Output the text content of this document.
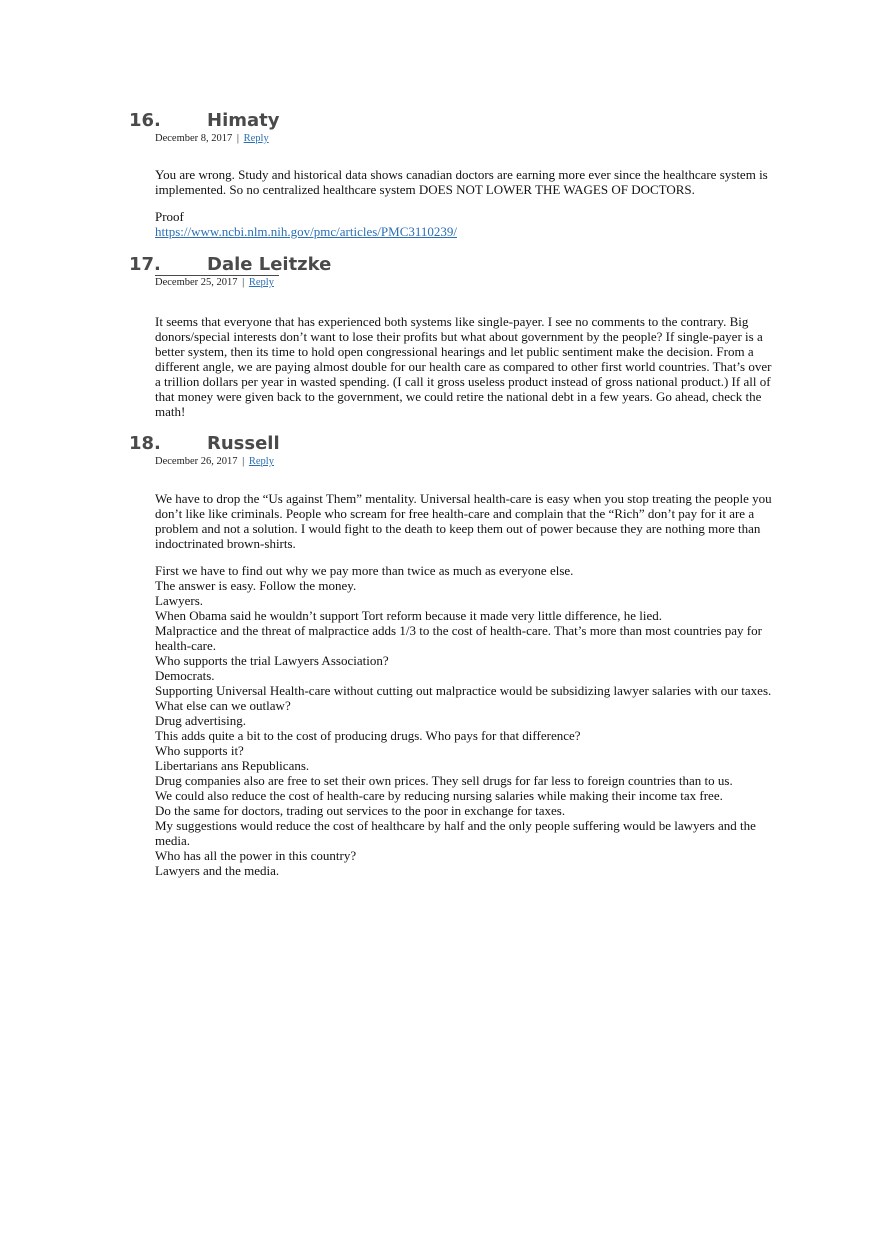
16.	Himaty
December 8, 2017 | Reply

You are wrong. Study and historical data shows canadian doctors are earning more ever since the healthcare system is implemented. So no centralized healthcare system DOES NOT LOWER THE WAGES OF DOCTORS.

Proof
https://www.ncbi.nlm.nih.gov/pmc/articles/PMC3110239/

17.	Dale Leitzke
December 25, 2017 | Reply

It seems that everyone that has experienced both systems like single-payer. I see no comments to the contrary. Big donors/special interests don’t want to lose their profits but what about government by the people? If single-payer is a better system, then its time to hold open congressional hearings and let public sentiment make the decision. From a different angle, we are paying almost double for our health care as compared to other first world countries. That’s over a trillion dollars per year in wasted spending. (I call it gross useless product instead of gross national product.) If all of that money were given back to the government, we could retire the national debt in a few years. Go ahead, check the math!

18.	Russell
December 26, 2017 | Reply

We have to drop the “Us against Them” mentality. Universal health-care is easy when you stop treating the people you don’t like like criminals. People who scream for free health-care and complain that the “Rich” don’t pay for it are a problem and not a solution. I would fight to the death to keep them out of power because they are nothing more than indoctrinated brown-shirts.

First we have to find out why we pay more than twice as much as everyone else.
The answer is easy. Follow the money.
Lawyers.
When Obama said he wouldn’t support Tort reform because it made very little difference, he lied.
Malpractice and the threat of malpractice adds 1/3 to the cost of health-care. That’s more than most countries pay for health-care.
Who supports the trial Lawyers Association?
Democrats.
Supporting Universal Health-care without cutting out malpractice would be subsidizing lawyer salaries with our taxes.
What else can we outlaw?
Drug advertising.
This adds quite a bit to the cost of producing drugs. Who pays for that difference?
Who supports it?
Libertarians ans Republicans.
Drug companies also are free to set their own prices. They sell drugs for far less to foreign countries than to us.
We could also reduce the cost of health-care by reducing nursing salaries while making their income tax free.
Do the same for doctors, trading out services to the poor in exchange for taxes.
My suggestions would reduce the cost of healthcare by half and the only people suffering would be lawyers and the media.
Who has all the power in this country?
Lawyers and the media.
